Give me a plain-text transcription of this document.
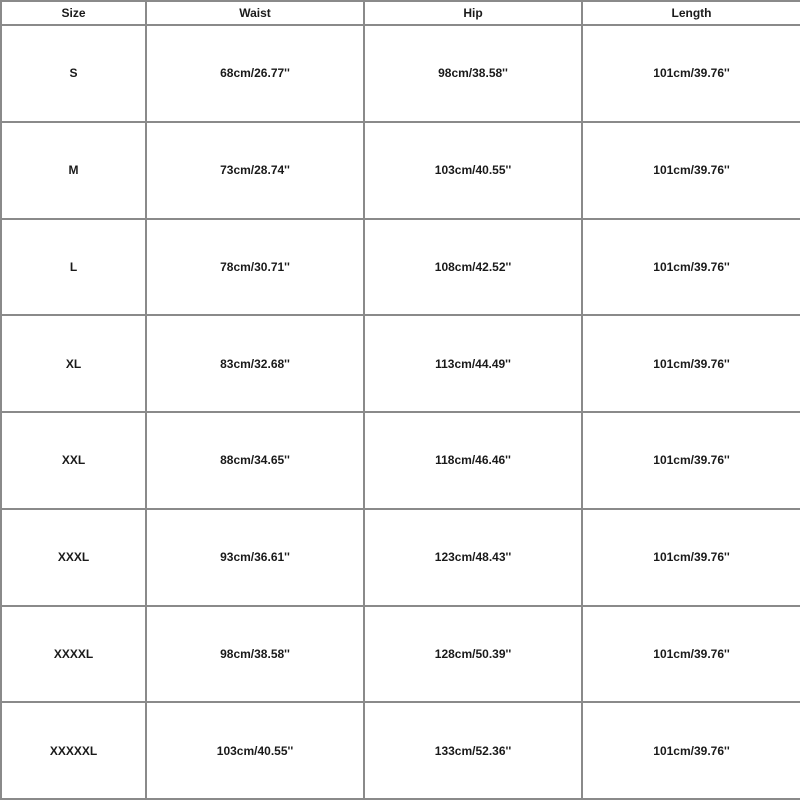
Size	Waist	Hip	Length
S	68cm/26.77''	98cm/38.58''	101cm/39.76''
M	73cm/28.74''	103cm/40.55''	101cm/39.76''
L	78cm/30.71''	108cm/42.52''	101cm/39.76''
XL	83cm/32.68''	113cm/44.49''	101cm/39.76''
XXL	88cm/34.65''	118cm/46.46''	101cm/39.76''
XXXL	93cm/36.61''	123cm/48.43''	101cm/39.76''
XXXXL	98cm/38.58''	128cm/50.39''	101cm/39.76''
XXXXXL	103cm/40.55''	133cm/52.36''	101cm/39.76''
